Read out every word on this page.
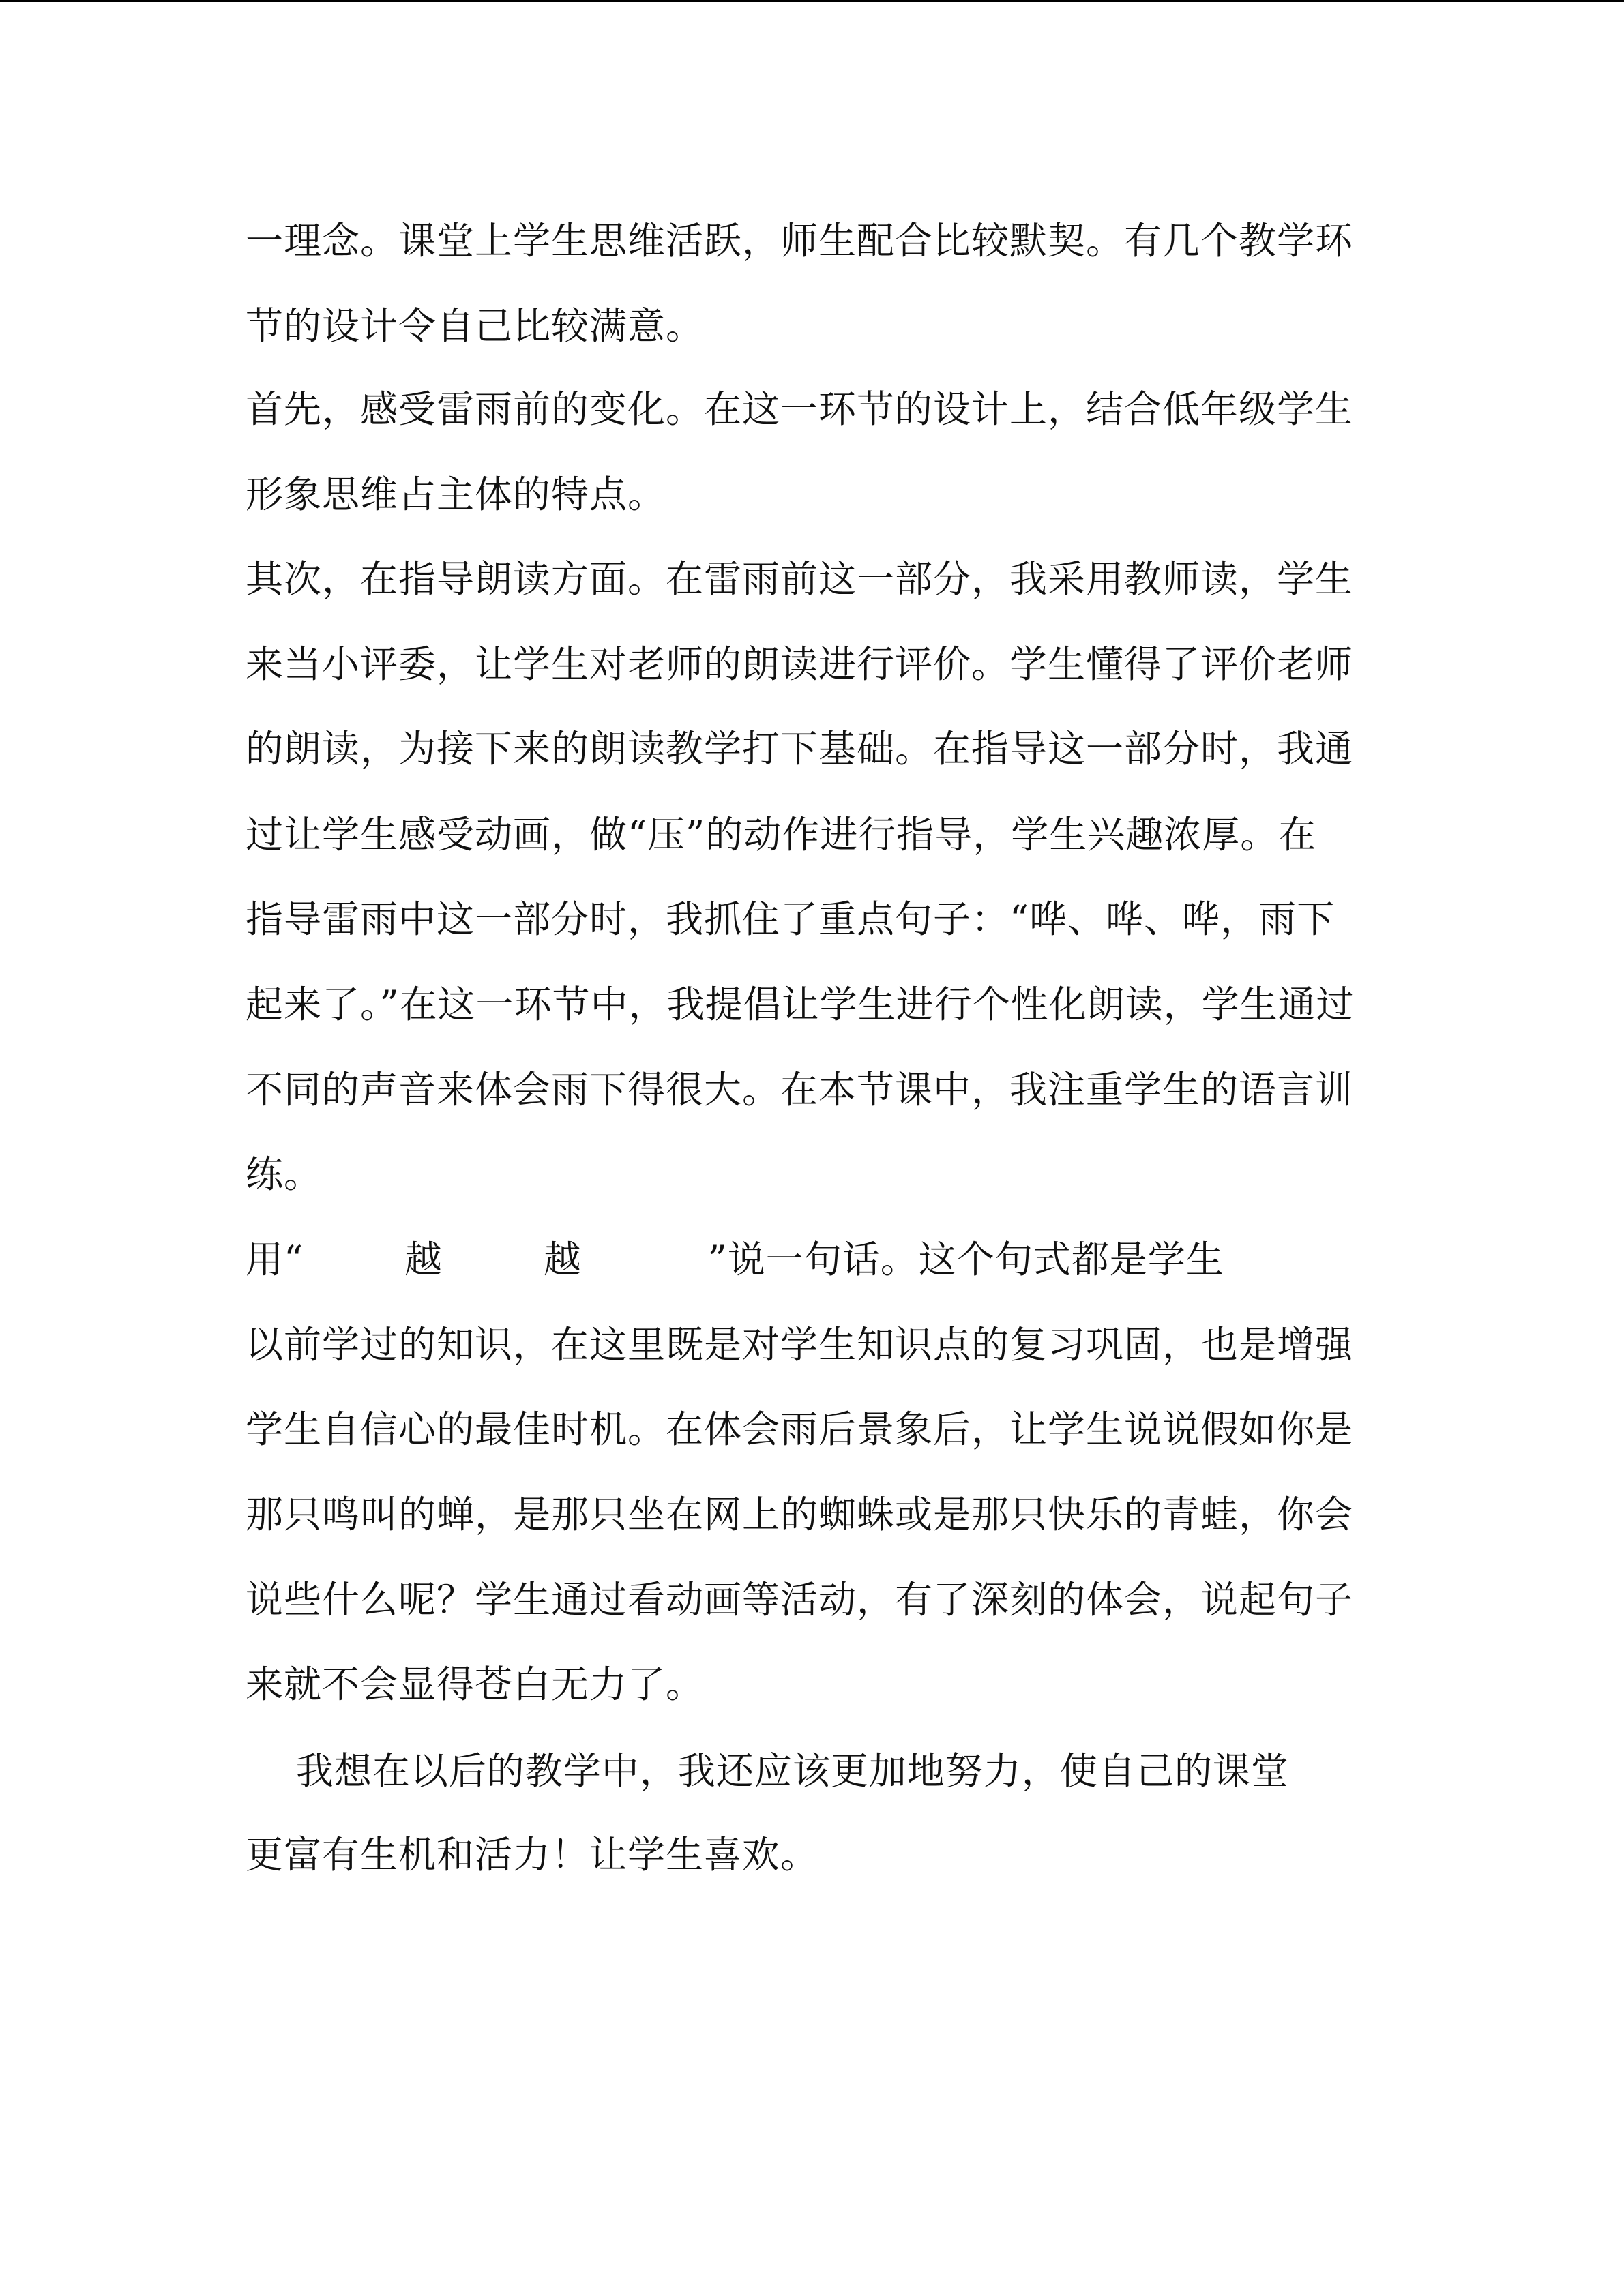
一理念。课堂上学生思维活跃，师生配合比较默契。有几个教学环

节的设计令自己比较满意。

首先，感受雷雨前的变化。在这一环节的设计上，结合低年级学生

形象思维占主体的特点。

其次，在指导朗读方面。在雷雨前这一部分，我采用教师读，学生

来当小评委，让学生对老师的朗读进行评价。学生懂得了评价老师

的朗读，为接下来的朗读教学打下基础。在指导这一部分时，我通

过让学生感受动画，做“压”的动作进行指导，学生兴趣浓厚。在

指导雷雨中这一部分时，我抓住了重点句子：“哗、哗、哗，雨下

起来了。”在这一环节中，我提倡让学生进行个性化朗读，学生通过

不同的声音来体会雨下得很大。在本节课中，我注重学生的语言训

练。

用“        越        越          ”说一句话。这个句式都是学生

以前学过的知识，在这里既是对学生知识点的复习巩固，也是增强

学生自信心的最佳时机。在体会雨后景象后，让学生说说假如你是

那只鸣叫的蝉，是那只坐在网上的蜘蛛或是那只快乐的青蛙，你会

说些什么呢？学生通过看动画等活动，有了深刻的体会，说起句子

来就不会显得苍白无力了。

我想在以后的教学中，我还应该更加地努力，使自己的课堂

更富有生机和活力！让学生喜欢。
